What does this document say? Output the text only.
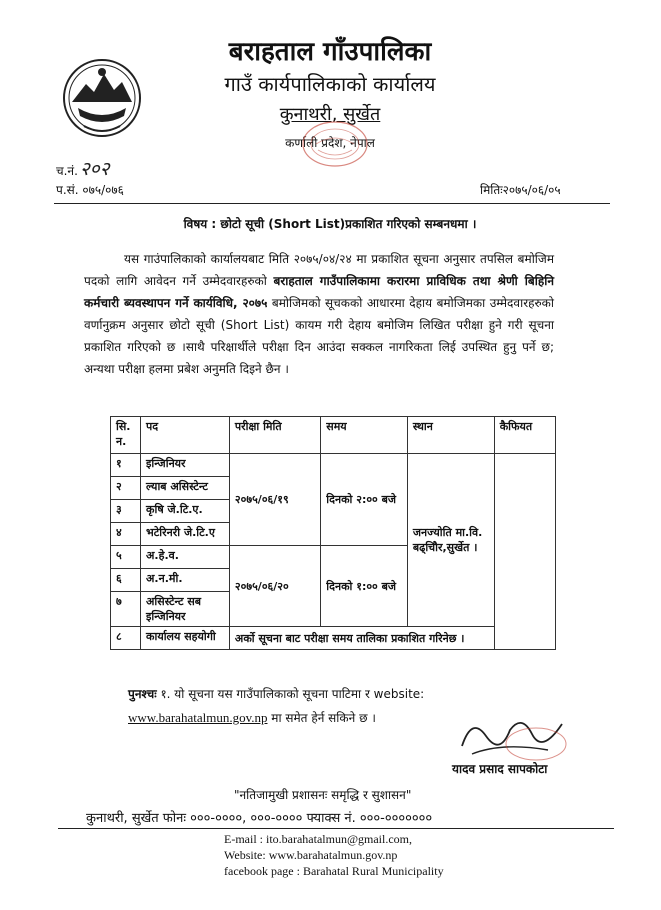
बराहताल गाँउपालिका
गाउँ कार्यपालिकाको कार्यालय
कुनाथरी, सुर्खेत
कर्णाली प्रदेश, नेपाल
च.नं. २०२
प.सं. ०७५/०७६	मितिः२०७५/०६/०५
विषय : छोटो सूची (Short List)प्रकाशित गरिएको सम्बनधमा ।
यस गाउंपालिकाको कार्यालयबाट मिति २०७५/०४/२४ मा प्रकाशित सूचना अनुसार तपसिल बमोजिम पदको लागि आवेदन गर्ने उम्मेदवारहरुको बराहताल गाउँपालिकामा करारमा प्राविधिक तथा श्रेणी बिहिनि कर्मचारी ब्यवस्थापन गर्ने कार्यविधि, २०७५ बमोजिमको सूचकको आधारमा देहाय बमोजिमका उम्मेदवारहरुको वर्णानुक्रम अनुसार छोटो सूची (Short List) कायम गरी देहाय बमोजिम लिखित परीक्षा हुने गरी सूचना प्रकाशित गरिएको छ ।साथै परिक्षार्थीले परीक्षा दिन आउंदा सक्कल नागरिकता लिई उपस्थित हुनु पर्ने छ; अन्यथा परीक्षा हलमा प्रबेश अनुमति दिइने छैन ।
सि. न.	पद	परीक्षा मिति	समय	स्थान	कैफियत
१	इन्जिनियर	२०७५/०६/१९	दिनको २:०० बजे	जनज्योति मा.वि. बढ्चिौर,सुर्खेत ।	
२	ल्याब असिस्टेन्ट				
३	कृषि जे.टि.ए.				
४	भटेरिनरी जे.टि.ए				
५	अ.हे.व.	२०७५/०६/२०	दिनको १:०० बजे		
६	अ.न.मी.				
७	असिस्टेन्ट सब इन्जिनियर				
८	कार्यालय सहयोगी	अर्को सूचना बाट परीक्षा समय तालिका प्रकाशित गरिनेछ ।			
पुनश्चः १. यो सूचना यस गाउँपालिकाको सूचना पाटिमा र website:
www.barahatalmun.gov.np मा समेत हेर्न सकिने छ ।
यादव प्रसाद सापकोटा
"नतिजामुखी प्रशासनः समृद्धि र सुशासन"
कुनाथरी, सुर्खेत फोनः ०००-००००, ०००-०००० फ्याक्स नं. ०००-०००००००
E-mail : ito.barahatalmun@gmail.com,
Website: www.barahatalmun.gov.np
facebook page : Barahatal Rural Municipality
